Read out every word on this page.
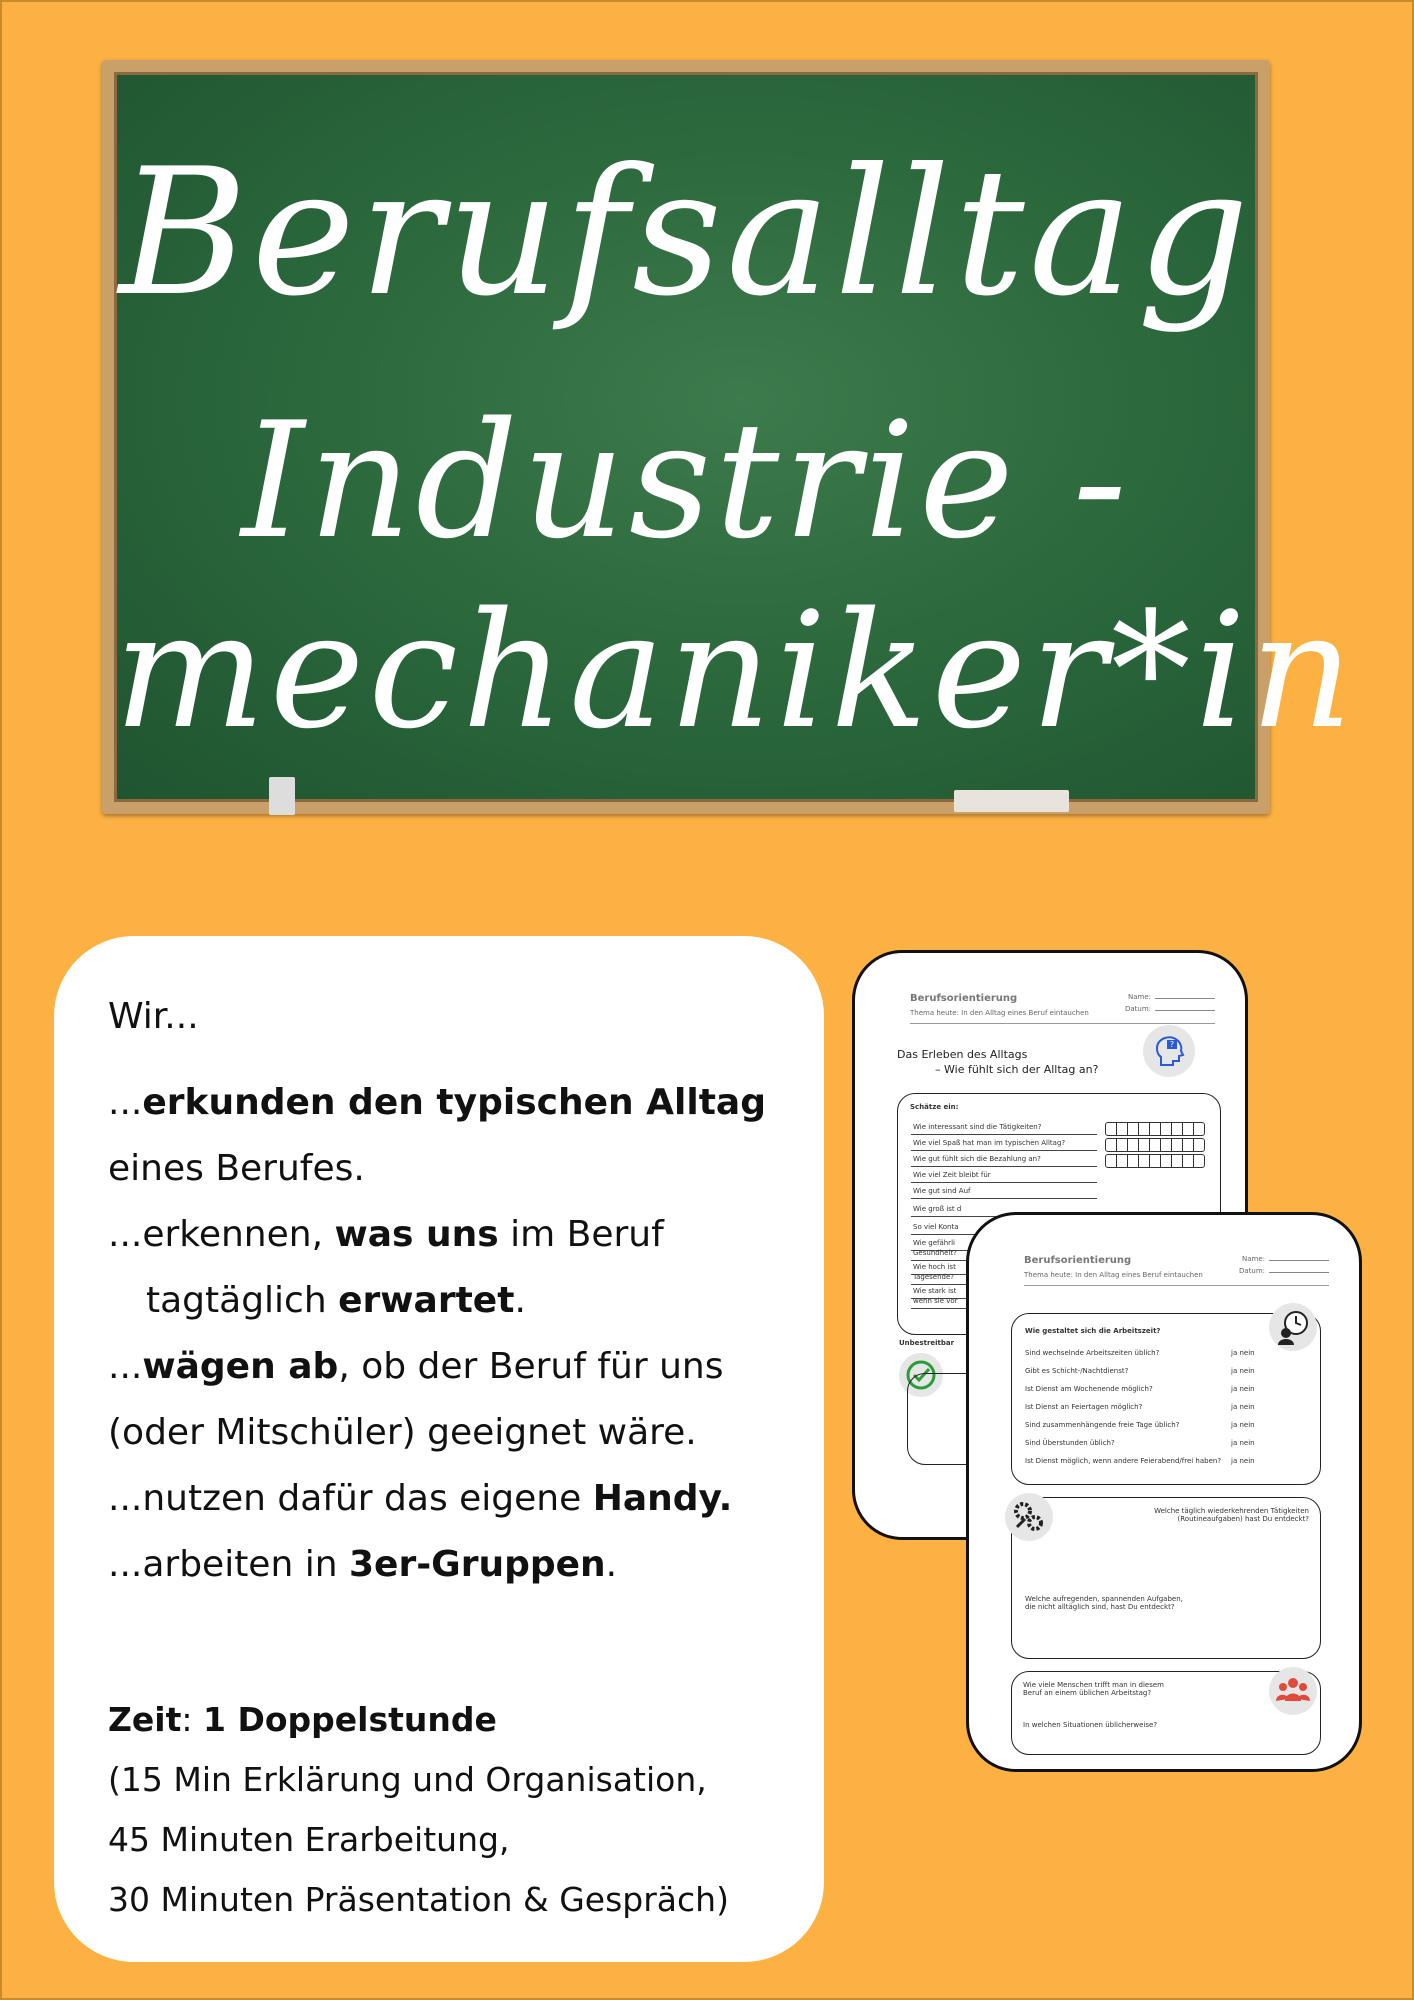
Berufsalltag
Industrie -
mechaniker*in
Wir...
...erkunden den typischen Alltag
eines Berufes.
...erkennen, was uns im Beruf
tagtäglich erwartet.
...wägen ab, ob der Beruf für uns
(oder Mitschüler) geeignet wäre.
...nutzen dafür das eigene Handy.
...arbeiten in 3er-Gruppen.
Zeit: 1 Doppelstunde
(15 Min Erklärung und Organisation,
45 Minuten Erarbeitung,
30 Minuten Präsentation & Gespräch)
Berufsorientierung
Thema heute: In den Alltag eines Beruf eintauchen
Name:
Datum:
Das Erleben des Alltags
– Wie fühlt sich der Alltag an?
?
Schätze ein:
Unbestreitbar
Wie interessant sind die Tätigkeiten?
Wie viel Spaß hat man im typischen Alltag?
Wie gut fühlt sich die Bezahlung an?
Wie viel Zeit bleibt für
Wie gut sind Auf
Wie groß ist d
So viel Konta
Wie gefährli
Gesundheit?
Wie hoch ist
Tagesende?
Wie stark ist
wenn sie vor
Berufsorientierung
Thema heute: In den Alltag eines Beruf eintauchen
Name:
Datum:
Wie gestaltet sich die Arbeitszeit?
Welche täglich wiederkehrenden Tätigkeiten (Routineaufgaben) hast Du entdeckt?
Welche aufregenden, spannenden Aufgaben, die nicht alltäglich sind, hast Du entdeckt?
Wie viele Menschen trifft man in diesem Beruf an einem üblichen Arbeitstag?
In welchen Situationen üblicherweise?
Sind wechselnde Arbeitszeiten üblich?	ja nein
Gibt es Schicht-/Nachtdienst?	ja nein
Ist Dienst am Wochenende möglich?	ja nein
Ist Dienst an Feiertagen möglich?	ja nein
Sind zusammenhängende freie Tage üblich?	ja nein
Sind Überstunden üblich?	ja nein
Ist Dienst möglich, wenn andere Feierabend/frei haben? ja nein
